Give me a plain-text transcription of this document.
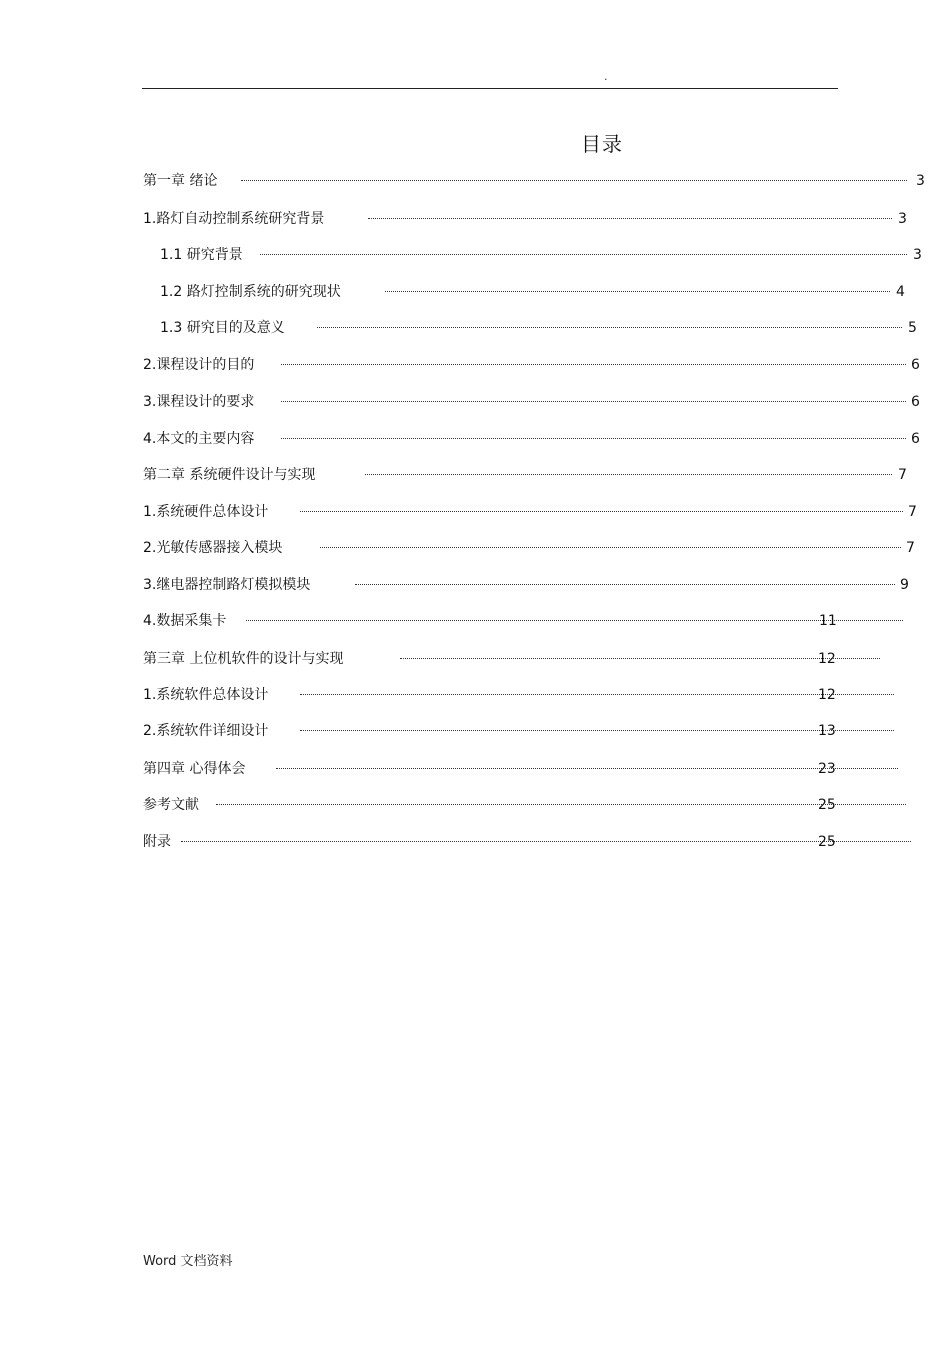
.
目录
第一章 绪论	3
1.路灯自动控制系统研究背景	3
1.1 研究背景	3
1.2 路灯控制系统的研究现状	4
1.3 研究目的及意义	5
2.课程设计的目的	6
3.课程设计的要求	6
4.本文的主要内容	6
第二章 系统硬件设计与实现	7
1.系统硬件总体设计	7
2.光敏传感器接入模块	7
3.继电器控制路灯模拟模块	9
4.数据采集卡	11
第三章 上位机软件的设计与实现	12
1.系统软件总体设计	12
2.系统软件详细设计	13
第四章 心得体会	23
参考文献	25
附录	25
Word 文档资料
